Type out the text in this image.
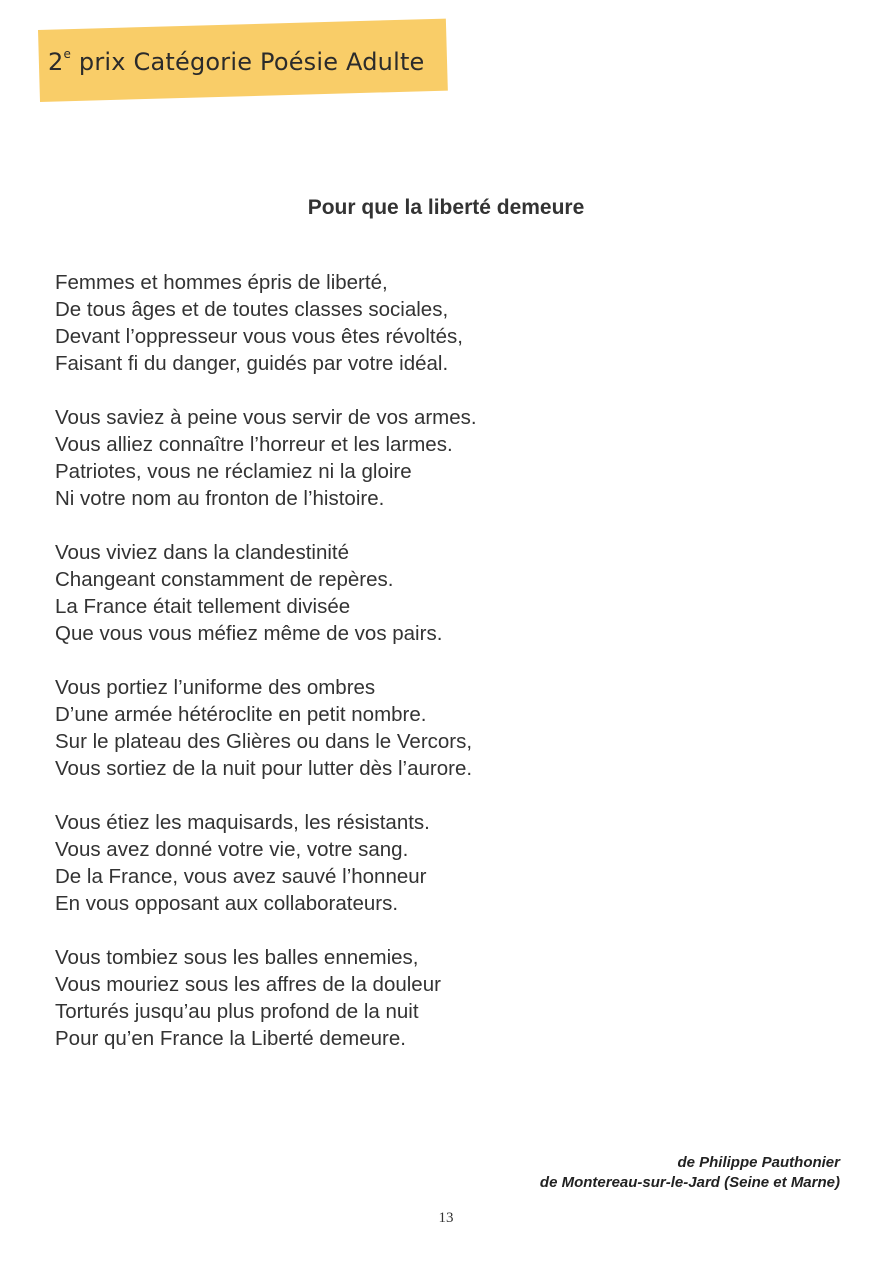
2e prix Catégorie Poésie Adulte
Pour que la liberté demeure
Femmes et hommes épris de liberté,
De tous âges et de toutes classes sociales,
Devant l’oppresseur vous vous êtes révoltés,
Faisant fi du danger, guidés par votre idéal.
Vous saviez à peine vous servir de vos armes.
Vous alliez connaître l’horreur et les larmes.
Patriotes, vous ne réclamiez ni la gloire
Ni votre nom au fronton de l’histoire.
Vous viviez dans la clandestinité
Changeant constamment de repères.
La France était tellement divisée
Que vous vous méfiez même de vos pairs.
Vous portiez l’uniforme des ombres
D’une armée hétéroclite en petit nombre.
Sur le plateau des Glières ou dans le Vercors,
Vous sortiez de la nuit pour lutter dès l’aurore.
Vous étiez les maquisards, les résistants.
Vous avez donné votre vie, votre sang.
De la France, vous avez sauvé l’honneur
En vous opposant aux collaborateurs.
Vous tombiez sous les balles ennemies,
Vous mouriez sous les affres de la douleur
Torturés jusqu’au plus profond de la nuit
Pour qu’en France la Liberté demeure.
de Philippe Pauthonier
de Montereau-sur-le-Jard (Seine et Marne)
13
